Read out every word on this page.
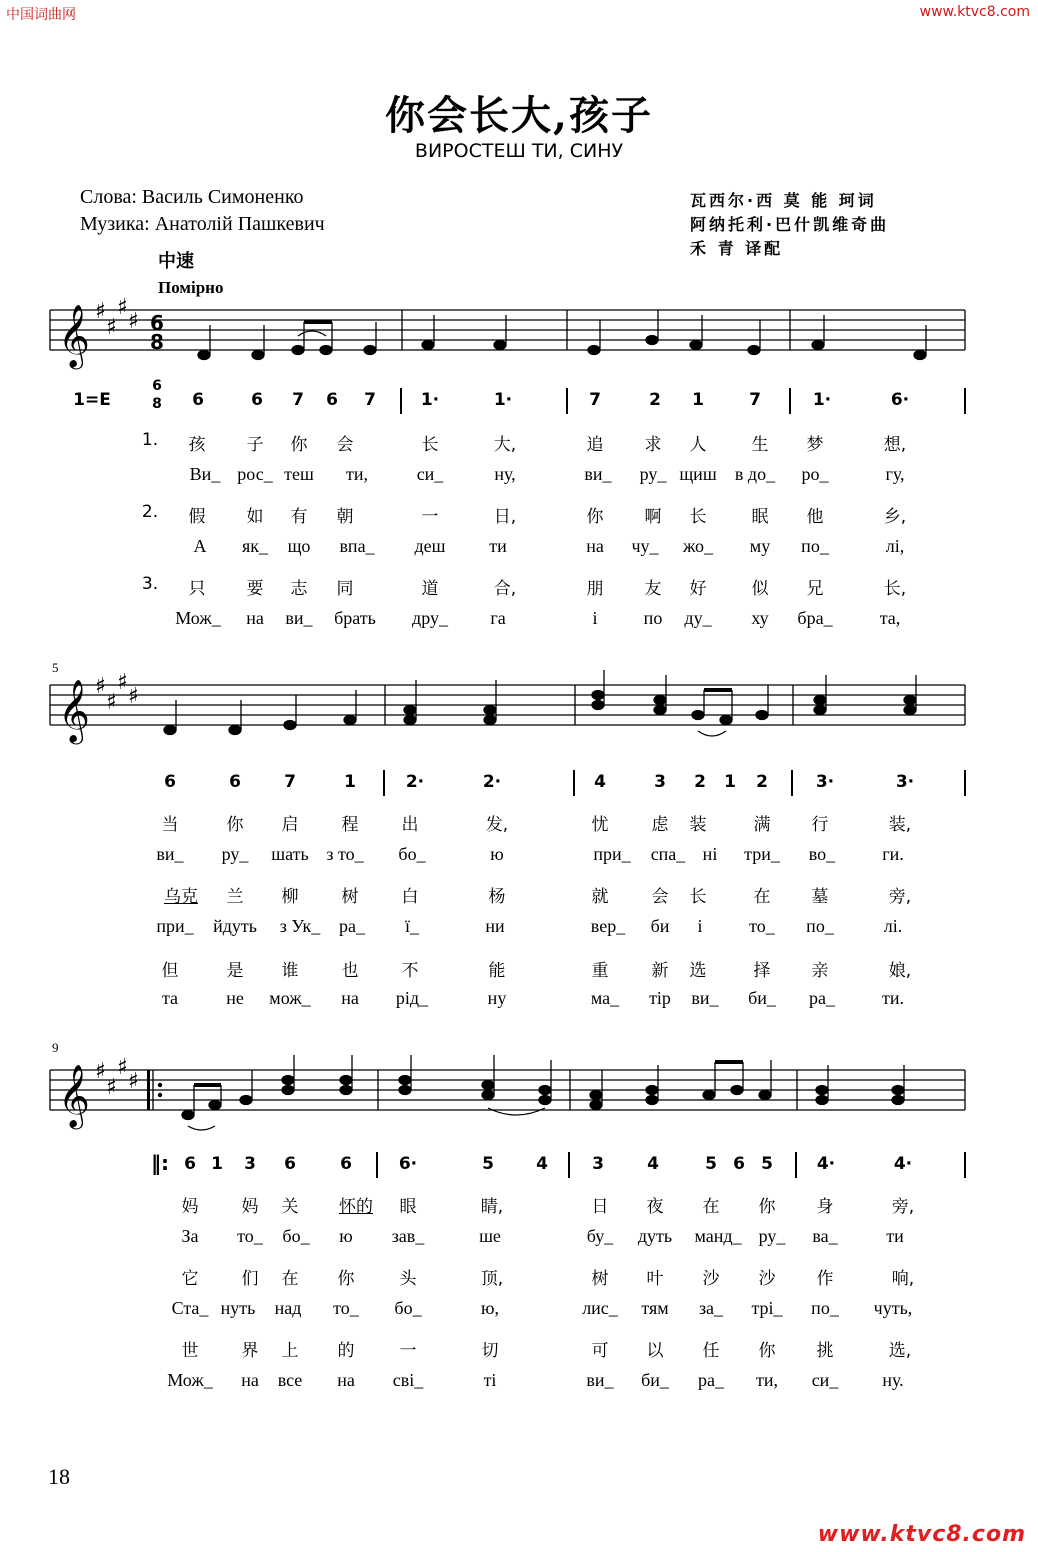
中国词曲网	www.ktvc8.com
你会长大,孩子
ВИРОСТЕШ ТИ, СИНУ
Слова: Василь Симоненко
Музика: Анатолій Пашкевич
瓦西尔·西 莫 能 珂词
阿纳托利·巴什凯维奇曲
禾 青 译配
中速
Помірно
𝄞 ♯
♯
♯
♯ 6
8
1=E
6
8 6	6 7 6 7	1·	1·	7	2 1	7	1·	6·
1. 孩 子 你 会	长	大,	追 求 人	生 梦	想,
Ви_ рос_ теш ти,	си_	ну,	ви_ ру_ щиш в до_ ро_	гу,
2. 假 如 有 朝	一	日,	你 啊 长	眠 他	乡,
А як_ що впа_ деш ти	на чу_ жо_ му по_	лі,
3. 只 要 志 同	道	合,	朋 友 好	似 兄	长,
Мож_ на ви_ брать дру_ га	і	по ду_ ху бра_	та,
5
𝄞 ♯
♯
♯
♯
6	6	7	1	2·	2·	4	3 2 1 2	3·	3·
当	你 启	程	出	发,	忧	虑 装	满 行	装,
ви_ ру_ шать з то_ бо_	ю	при_ спа_ ні три_ во_	ги.
乌克 兰 柳	树	白	杨	就	会 长	在 墓	旁,
при_ йдуть з Ук_ ра_ ї_	ни	вер_ би і	то_ по_	лі.
但	是 谁	也	不	能	重	新 选	择 亲	娘,
та	не мож_ на рід_	ну	ма_ тір ви_ би_ ра_	ти.
9
𝄞 ♯
♯
♯
♯
‖: 6 1 3 6	6	6·	5 4	3	4	5 6 5	4·	4·
妈	妈 关 怀的 眼	睛,	日 夜 在 你 身	旁,
За то_ бо_ ю зав_	ше	бу_ дуть манд_ ру_ ва_	ти
它	们 在 你	头	顶,	树 叶 沙 沙 作	响,
Ста_ нуть над то_ бо_	ю,	лис_ тям за_ трі_ по_ чуть,
世	界 上 的	一	切	可 以 任 你 挑	选,
Мож_ на все на сві_	ті	ви_ би_ ра_ ти, си_ ну.
18
www.ktvc8.com
